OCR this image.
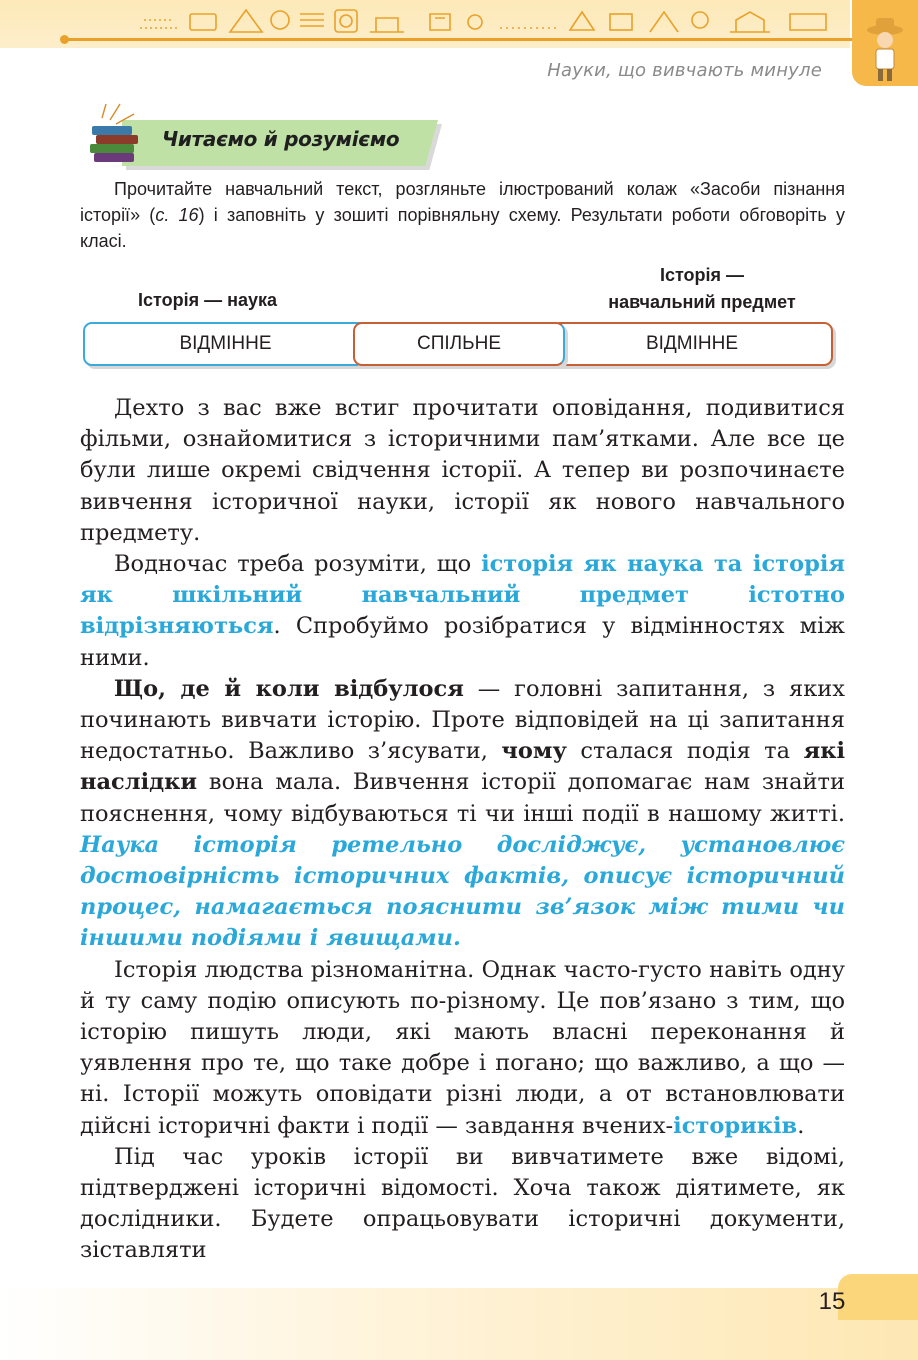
Науки, що вивчають минуле
Читаємо й розуміємо
Прочитайте навчальний текст, розгляньте ілюстрований колаж «Засоби пізнання історії» (с. 16) і заповніть у зошиті порівняльну схему. Результати роботи обговоріть у класі.
Історія — наука
Історія —
навчальний предмет
ВІДМІННЕ	ВІДМІННЕ
СПІЛЬНЕ

Дехто з вас вже встиг прочитати оповідання, подивитися фільми, ознайомитися з історичними пам’ятками. Але все це були лише окремі свідчення історії. А тепер ви розпочинаєте вивчення історичної науки, історії як нового навчального предмету.

Водночас треба розуміти, що історія як наука та історія як шкільний навчальний предмет істотно відрізняються. Спробуймо розібратися у відмінностях між ними.

Що, де й коли відбулося — головні запитання, з яких починають вивчати історію. Проте відповідей на ці запитання недостатньо. Важливо з’ясувати, чому сталася подія та які наслідки вона мала. Вивчення історії допомагає нам знайти пояснення, чому відбуваються ті чи інші події в нашому житті. Наука історія ретельно досліджує, установлює достовірність історичних фактів, описує історичний процес, намагається пояснити зв’язок між тими чи іншими подіями і явищами.

Історія людства різноманітна. Однак часто-густо навіть одну й ту саму подію описують по-різному. Це пов’язано з тим, що історію пишуть люди, які мають власні переконання й уявлення про те, що таке добре і погано; що важливо, а що — ні. Історії можуть оповідати різні люди, а от встановлювати дійсні історичні факти і події — завдання вчених-істориків.

Під час уроків історії ви вивчатимете вже відомі, підтверджені історичні відомості. Хоча також діятимете, як дослідники. Будете опрацьовувати історичні документи, зіставляти

15
